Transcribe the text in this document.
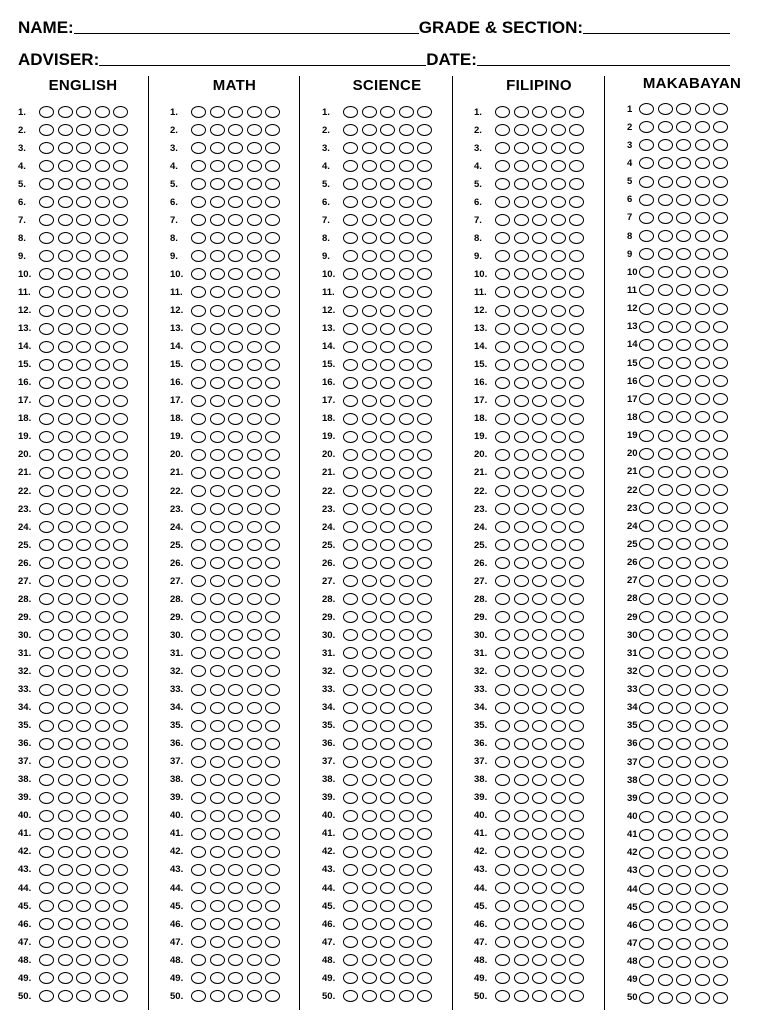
NAME:	GRADE & SECTION:
ADVISER:	DATE:
ENGLISH
1.
2.
3.
4.
5.
6.
7.
8.
9.
10.
11.
12.
13.
14.
15.
16.
17.
18.
19.
20.
21.
22.
23.
24.
25.
26.
27.
28.
29.
30.
31.
32.
33.
34.
35.
36.
37.
38.
39.
40.
41.
42.
43.
44.
45.
46.
47.
48.
49.
50.
MATH
1.
2.
3.
4.
5.
6.
7.
8.
9.
10.
11.
12.
13.
14.
15.
16.
17.
18.
19.
20.
21.
22.
23.
24.
25.
26.
27.
28.
29.
30.
31.
32.
33.
34.
35.
36.
37.
38.
39.
40.
41.
42.
43.
44.
45.
46.
47.
48.
49.
50.
SCIENCE
1.
2.
3.
4.
5.
6.
7.
8.
9.
10.
11.
12.
13.
14.
15.
16.
17.
18.
19.
20.
21.
22.
23.
24.
25.
26.
27.
28.
29.
30.
31.
32.
33.
34.
35.
36.
37.
38.
39.
40.
41.
42.
43.
44.
45.
46.
47.
48.
49.
50.
FILIPINO
1.
2.
3.
4.
5.
6.
7.
8.
9.
10.
11.
12.
13.
14.
15.
16.
17.
18.
19.
20.
21.
22.
23.
24.
25.
26.
27.
28.
29.
30.
31.
32.
33.
34.
35.
36.
37.
38.
39.
40.
41.
42.
43.
44.
45.
46.
47.
48.
49.
50.
MAKABAYAN
1
2
3
4
5
6
7
8
9
10
11
12
13
14
15
16
17
18
19
20
21
22
23
24
25
26
27
28
29
30
31
32
33
34
35
36
37
38
39
40
41
42
43
44
45
46
47
48
49
50
